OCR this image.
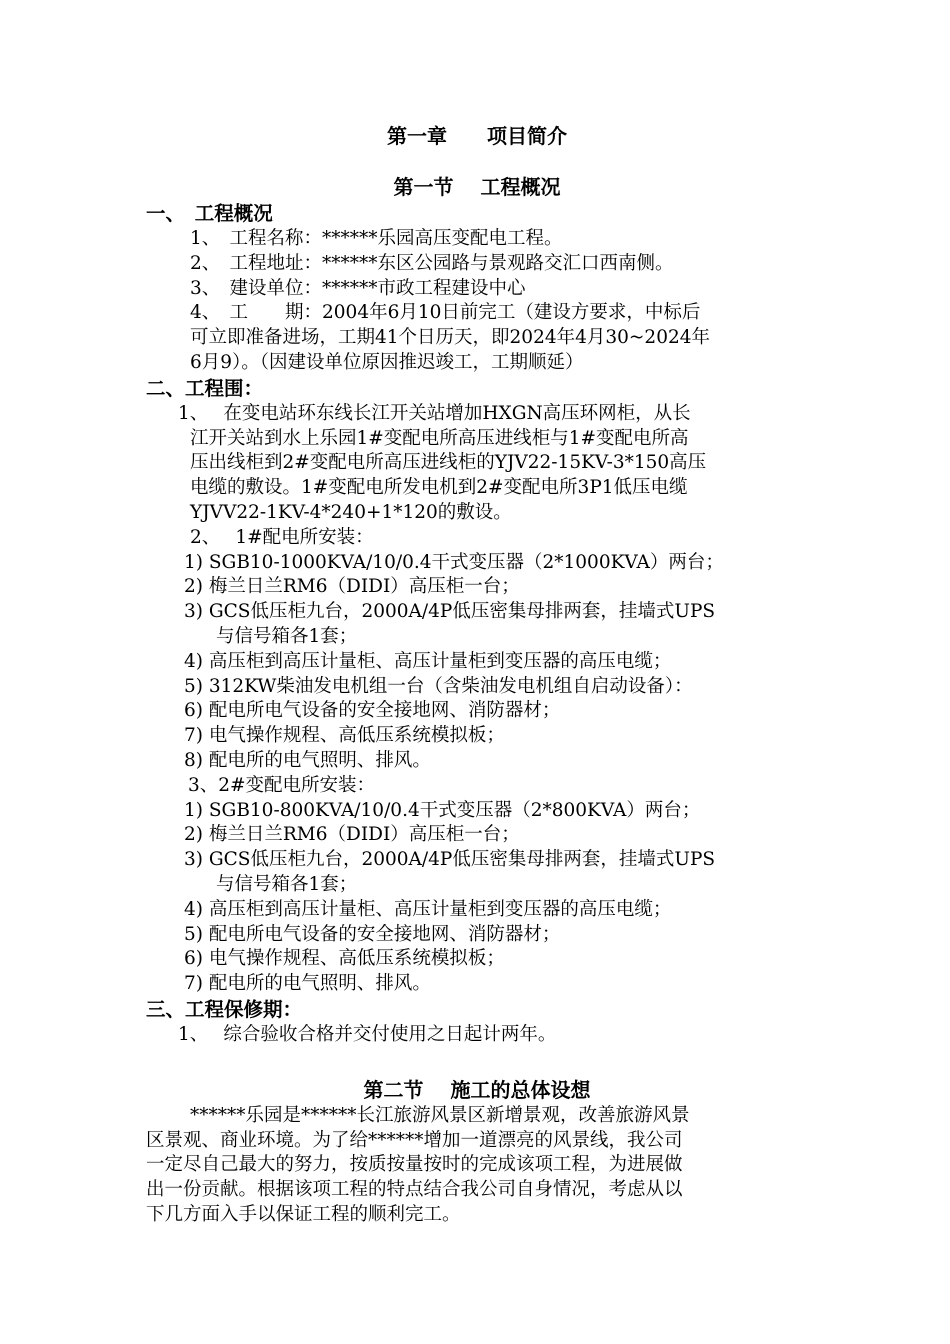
第一章　　项目简介
第一节　 工程概况
一、　工程概况
1、　工程名称：******乐园高压变配电工程。
2、　工程地址：******东区公园路与景观路交汇口西南侧。
3、　建设单位：******市政工程建设中心
4、　工　　期：2004年6月10日前完工（建设方要求，中标后
可立即准备进场，工期41个日历天，即2024年4月30~2024年
6月9）。（因建设单位原因推迟竣工，工期顺延）
二、工程围：
1、　 在变电站环东线长江开关站增加HXGN高压环网柜，从长
江开关站到水上乐园1#变配电所高压进线柜与1#变配电所高
压出线柜到2#变配电所高压进线柜的YJV22-15KV-3*150高压
电缆的敷设。1#变配电所发电机到2#变配电所3P1低压电缆
YJVV22-1KV-4*240+1*120的敷设。
2、　 1#配电所安装：
1) SGB10-1000KVA/10/0.4干式变压器（2*1000KVA）两台；
2) 梅兰日兰RM6（DIDI）高压柜一台；
3) GCS低压柜九台，2000A/4P低压密集母排两套，挂墙式UPS
与信号箱各1套；
4) 高压柜到高压计量柜、高压计量柜到变压器的高压电缆；
5) 312KW柴油发电机组一台（含柴油发电机组自启动设备）：
6) 配电所电气设备的安全接地网、消防器材；
7) 电气操作规程、高低压系统模拟板；
8) 配电所的电气照明、排风。
3、2#变配电所安装：
1) SGB10-800KVA/10/0.4干式变压器（2*800KVA）两台；
2) 梅兰日兰RM6（DIDI）高压柜一台；
3) GCS低压柜九台，2000A/4P低压密集母排两套，挂墙式UPS
与信号箱各1套；
4) 高压柜到高压计量柜、高压计量柜到变压器的高压电缆；
5) 配电所电气设备的安全接地网、消防器材；
6) 电气操作规程、高低压系统模拟板；
7) 配电所的电气照明、排风。
三、工程保修期：
1、　 综合验收合格并交付使用之日起计两年。
第二节　 施工的总体设想
******乐园是******长江旅游风景区新增景观，改善旅游风景
区景观、商业环境。为了给******增加一道漂亮的风景线，我公司
一定尽自己最大的努力，按质按量按时的完成该项工程，为进展做
出一份贡献。根据该项工程的特点结合我公司自身情况，考虑从以
下几方面入手以保证工程的顺利完工。
